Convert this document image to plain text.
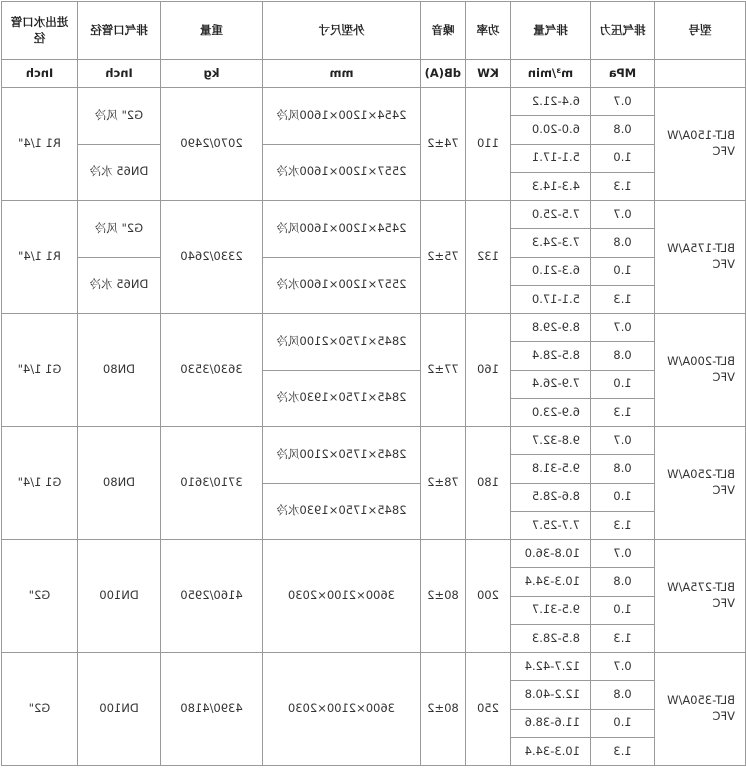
型号	排气压力	排气量	功率	噪音	外型尺寸	重量	排气口管径	进出水口管径
	MPa	m³/min	KW	dB(A)	mm	kg	Inch	Inch
BLT-150A/W VFC	0.7	6.4-21.2	110	74±2	2454×1200×1600风冷	2070/2490	G2" 风冷	R1 1/4"
	0.8	6.0-20.0						
	1.0	5.1-17.1			2557×1200×1600水冷		DN65 水冷	
	1.3	4.3-14.3						
BLT-175A/W VFC	0.7	7.5-25.0	132	75±2	2454×1200×1600风冷	2330/2640	G2" 风冷	R1 1/4"
	0.8	7.3-24.3						
	1.0	6.3-21.0			2557×1200×1600水冷		DN65 水冷	
	1.3	5.1-17.0						
BLT-200A/W VFC	0.7	8.9-29.8	160	77±2	2845×1750×2100风冷	3630/3530	DN80	G1 1/4"
	0.8	8.5-28.4						
	1.0	7.9-26.4			2845×1750×1930水冷			
	1.3	6.9-23.0						
BLT-250A/W VFC	0.7	9.8-32.7	180	78±2	2845×1750×2100风冷	3710/3610	DN80	G1 1/4"
	0.8	9.5-31.8						
	1.0	8.6-28.5			2845×1750×1930水冷			
	1.3	7.7-25.7						
BLT-275A/W VFC	0.7	10.8-36.0	200	80±2	3600×2100×2030	4160/2950	DN100	G2"
	0.8	10.3-34.4						
	1.0	9.5-31.7						
	1.3	8.5-28.3						
BLT-350A/W VFC	0.7	12.7-42.4	250	80±2	3600×2100×2030	4390/4180	DN100	G2"
	0.8	12.2-40.8						
	1.0	11.6-38.6						
	1.3	10.3-34.4						
